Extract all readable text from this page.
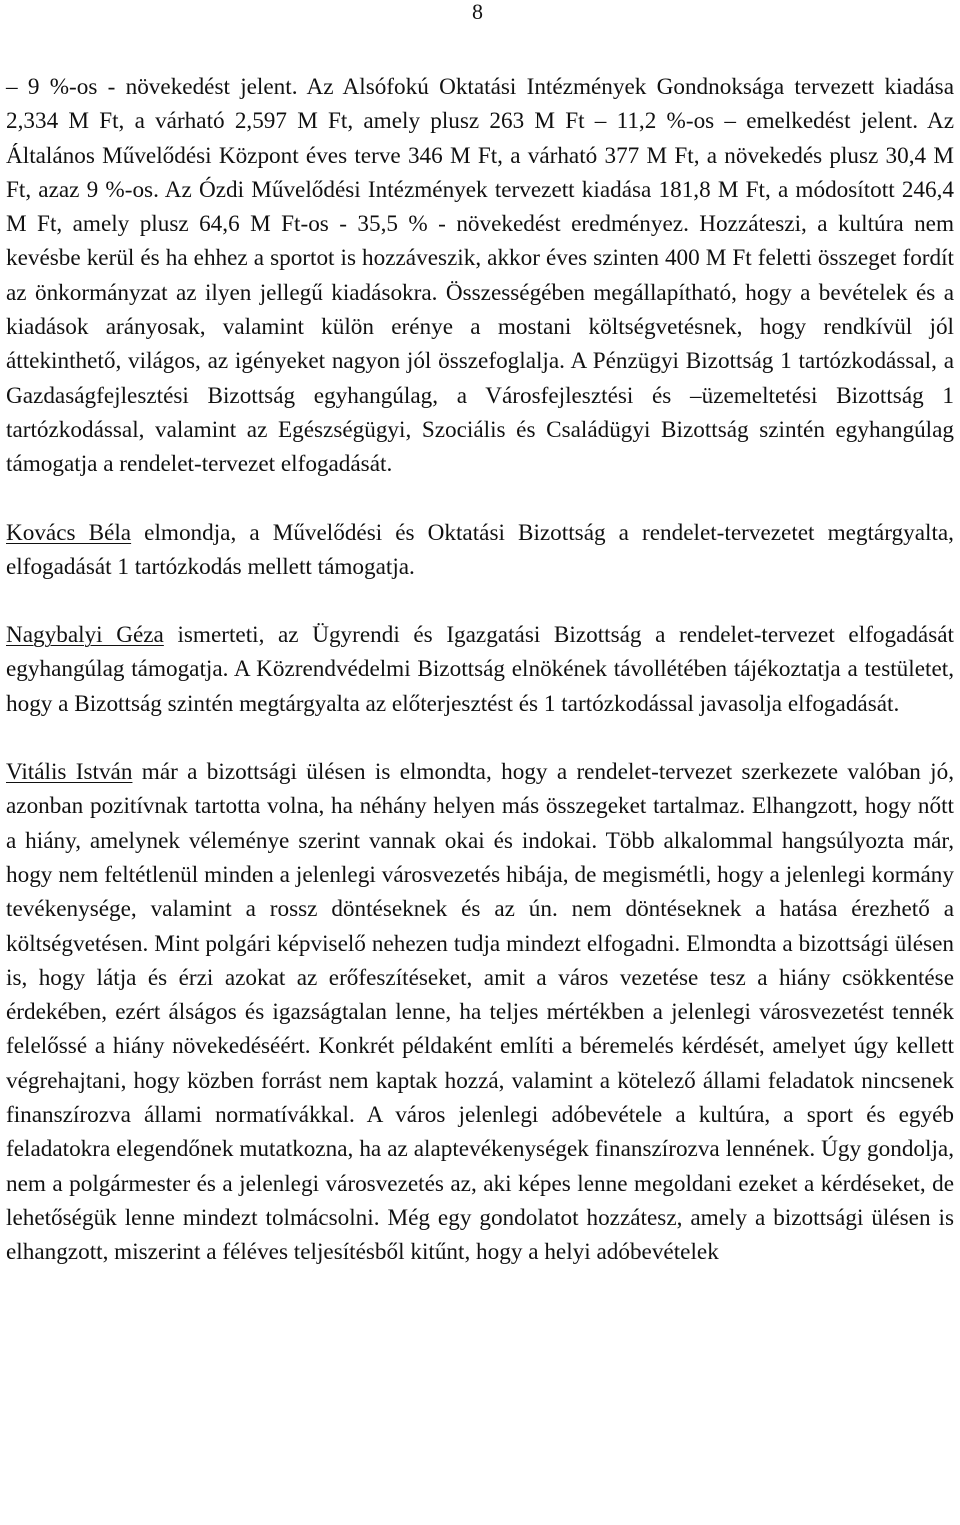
8

– 9 %-os - növekedést jelent. Az Alsófokú Oktatási Intézmények Gondnoksága tervezett kiadása 2,334 M Ft, a várható 2,597 M Ft, amely plusz 263 M Ft – 11,2 %-os – emelkedést jelent. Az Általános Művelődési Központ éves terve 346 M Ft, a várható 377 M Ft, a növekedés plusz 30,4 M Ft, azaz 9 %-os. Az Ózdi Művelődési Intézmények tervezett kiadása 181,8 M Ft, a módosított 246,4 M Ft, amely plusz 64,6 M Ft-os - 35,5 % - növekedést eredményez. Hozzáteszi, a kultúra nem kevésbe kerül és ha ehhez a sportot is hozzáveszik, akkor éves szinten 400 M Ft feletti összeget fordít az önkormányzat az ilyen jellegű kiadásokra. Összességében megállapítható, hogy a bevételek és a kiadások arányosak, valamint külön erénye a mostani költségvetésnek, hogy rendkívül jól áttekinthető, világos, az igényeket nagyon jól összefoglalja. A Pénzügyi Bizottság 1 tartózkodással, a Gazdaságfejlesztési Bizottság egyhangúlag, a Városfejlesztési és –üzemeltetési Bizottság 1 tartózkodással, valamint az Egészségügyi, Szociális és Családügyi Bizottság szintén egyhangúlag támogatja a rendelet-tervezet elfogadását.

Kovács Béla elmondja, a Művelődési és Oktatási Bizottság a rendelet-tervezetet megtárgyalta, elfogadását 1 tartózkodás mellett támogatja.

Nagybalyi Géza ismerteti, az Ügyrendi és Igazgatási Bizottság a rendelet-tervezet elfogadását egyhangúlag támogatja. A Közrendvédelmi Bizottság elnökének távollétében tájékoztatja a testületet, hogy a Bizottság szintén megtárgyalta az előterjesztést és 1 tartózkodással javasolja elfogadását.

Vitális István már a bizottsági ülésen is elmondta, hogy a rendelet-tervezet szerkezete valóban jó, azonban pozitívnak tartotta volna, ha néhány helyen más összegeket tartalmaz. Elhangzott, hogy nőtt a hiány, amelynek véleménye szerint vannak okai és indokai. Több alkalommal hangsúlyozta már, hogy nem feltétlenül minden a jelenlegi városvezetés hibája, de megismétli, hogy a jelenlegi kormány tevékenysége, valamint a rossz döntéseknek és az ún. nem döntéseknek a hatása érezhető a költségvetésen. Mint polgári képviselő nehezen tudja mindezt elfogadni. Elmondta a bizottsági ülésen is, hogy látja és érzi azokat az erőfeszítéseket, amit a város vezetése tesz a hiány csökkentése érdekében, ezért álságos és igazságtalan lenne, ha teljes mértékben a jelenlegi városvezetést tennék felelőssé a hiány növekedéséért. Konkrét példaként említi a béremelés kérdését, amelyet úgy kellett végrehajtani, hogy közben forrást nem kaptak hozzá, valamint a kötelező állami feladatok nincsenek finanszírozva állami normatívákkal. A város jelenlegi adóbevétele a kultúra, a sport és egyéb feladatokra elegendőnek mutatkozna, ha az alaptevékenységek finanszírozva lennének. Úgy gondolja, nem a polgármester és a jelenlegi városvezetés az, aki képes lenne megoldani ezeket a kérdéseket, de lehetőségük lenne mindezt tolmácsolni. Még egy gondolatot hozzátesz, amely a bizottsági ülésen is elhangzott, miszerint a féléves teljesítésből kitűnt, hogy a helyi adóbevételek
